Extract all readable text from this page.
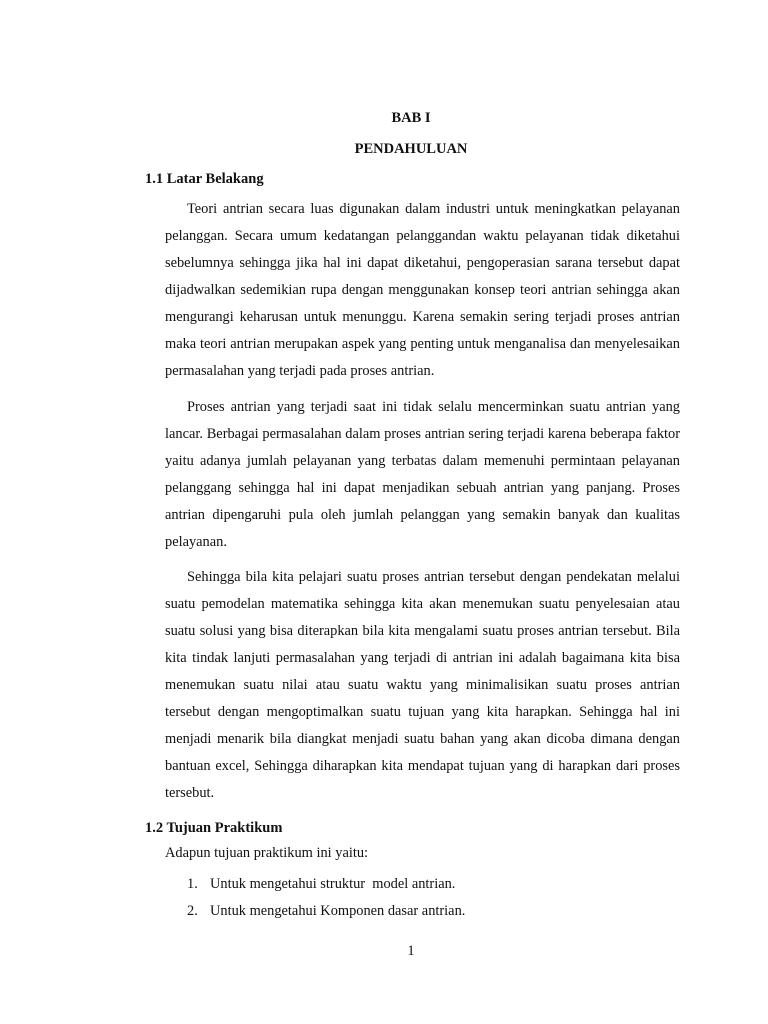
BAB I
PENDAHULUAN
1.1 Latar Belakang

Teori antrian secara luas digunakan dalam industri untuk meningkatkan pelayanan pelanggan. Secara umum kedatangan pelanggandan waktu pelayanan tidak diketahui sebelumnya sehingga jika hal ini dapat diketahui, pengoperasian sarana tersebut dapat dijadwalkan sedemikian rupa dengan menggunakan konsep teori antrian sehingga akan mengurangi keharusan untuk menunggu. Karena semakin sering terjadi proses antrian maka teori antrian merupakan aspek yang penting untuk menganalisa dan menyelesaikan permasalahan yang terjadi pada proses antrian.

Proses antrian yang terjadi saat ini tidak selalu mencerminkan suatu antrian yang lancar. Berbagai permasalahan dalam proses antrian sering terjadi karena beberapa faktor yaitu adanya jumlah pelayanan yang terbatas dalam memenuhi permintaan pelayanan pelanggang sehingga hal ini dapat menjadikan sebuah antrian yang panjang. Proses antrian dipengaruhi pula oleh jumlah pelanggan yang semakin banyak dan kualitas pelayanan.

Sehingga bila kita pelajari suatu proses antrian tersebut dengan pendekatan melalui suatu pemodelan matematika sehingga kita akan menemukan suatu penyelesaian atau suatu solusi yang bisa diterapkan bila kita mengalami suatu proses antrian tersebut. Bila kita tindak lanjuti permasalahan yang terjadi di antrian ini adalah bagaimana kita bisa menemukan suatu nilai atau suatu waktu yang minimalisikan suatu proses antrian tersebut dengan mengoptimalkan suatu tujuan yang kita harapkan. Sehingga hal ini menjadi menarik bila diangkat menjadi suatu bahan yang akan dicoba dimana dengan bantuan excel, Sehingga diharapkan kita mendapat tujuan yang di harapkan dari proses tersebut.

1.2 Tujuan Praktikum

Adapun tujuan praktikum ini yaitu:

1. Untuk mengetahui struktur  model antrian.
2. Untuk mengetahui Komponen dasar antrian.

1
